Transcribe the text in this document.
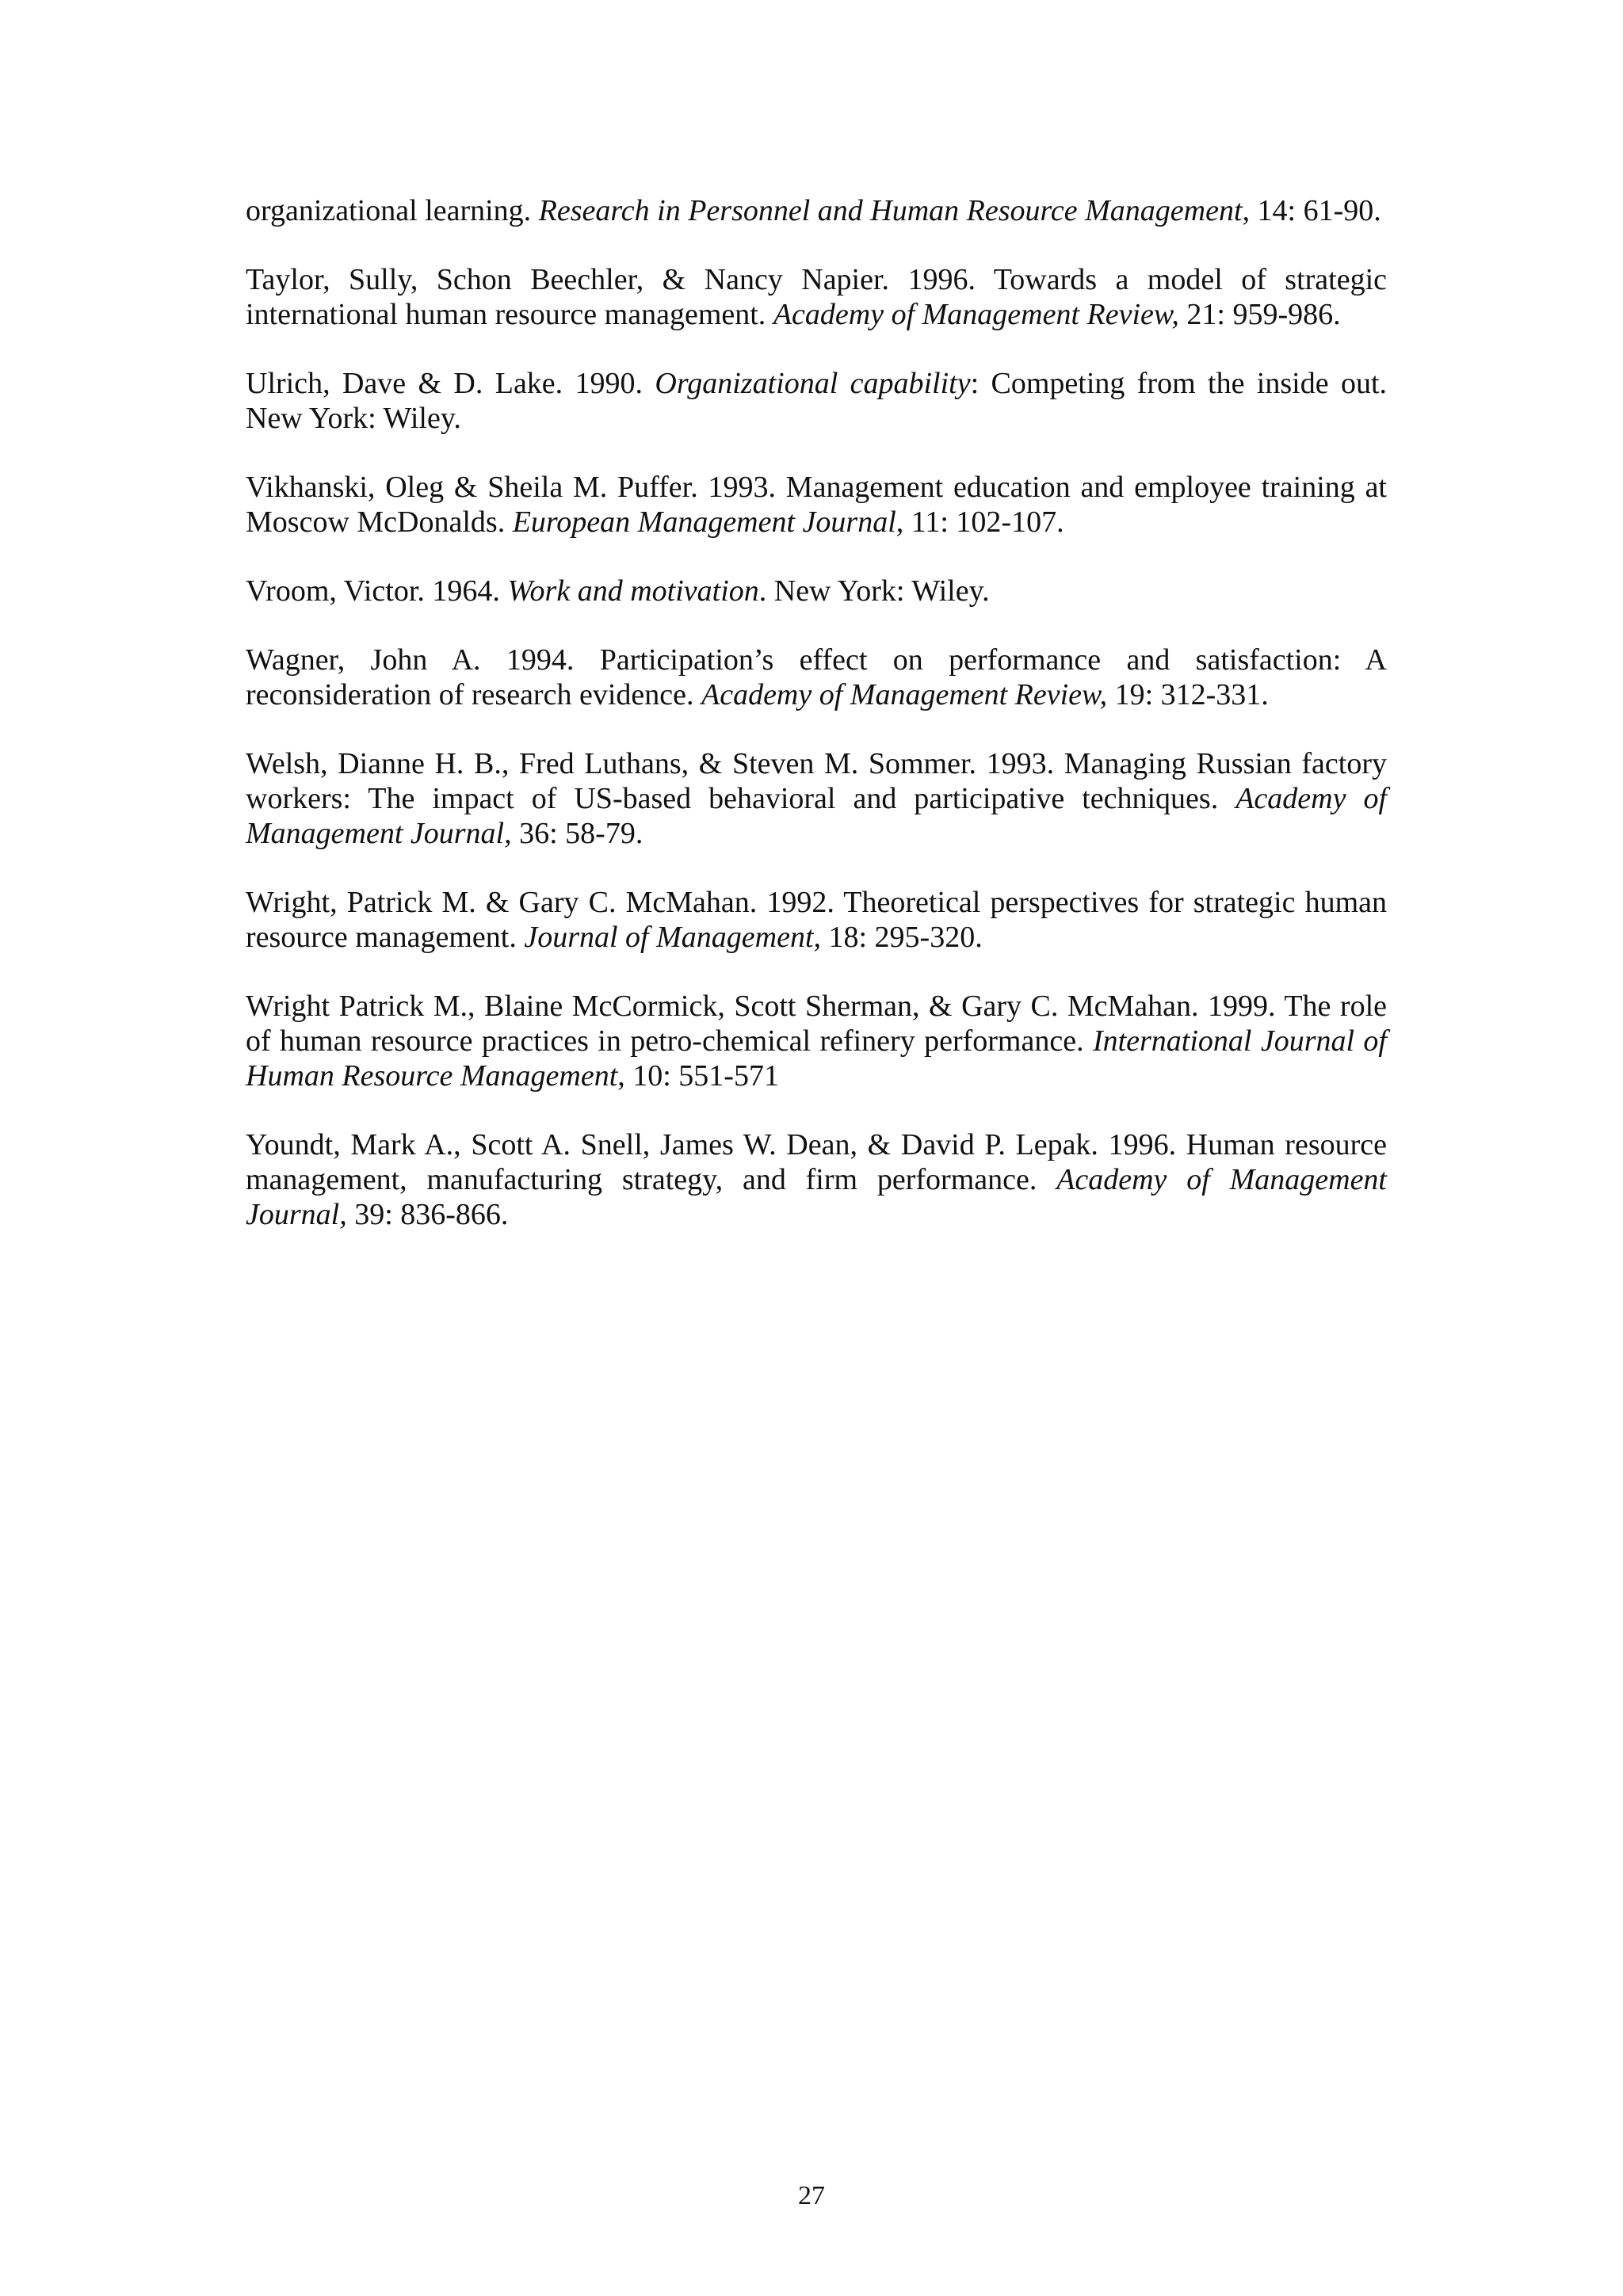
organizational learning. Research in Personnel and Human Resource Management, 14: 61-90.

Taylor, Sully, Schon Beechler, & Nancy Napier. 1996. Towards a model of strategic international human resource management. Academy of Management Review, 21: 959-986.

Ulrich, Dave & D. Lake. 1990. Organizational capability: Competing from the inside out. New York: Wiley.

Vikhanski, Oleg & Sheila M. Puffer. 1993. Management education and employee training at Moscow McDonalds. European Management Journal, 11: 102-107.

Vroom, Victor. 1964. Work and motivation. New York: Wiley.

Wagner, John A. 1994. Participation’s effect on performance and satisfaction: A reconsideration of research evidence. Academy of Management Review, 19: 312-331.

Welsh, Dianne H. B., Fred Luthans, & Steven M. Sommer. 1993. Managing Russian factory workers: The impact of US-based behavioral and participative techniques. Academy of Management Journal, 36: 58-79.

Wright, Patrick M. & Gary C. McMahan. 1992. Theoretical perspectives for strategic human resource management. Journal of Management, 18: 295-320.

Wright Patrick M., Blaine McCormick, Scott Sherman, & Gary C. McMahan. 1999. The role of human resource practices in petro-chemical refinery performance. International Journal of Human Resource Management, 10: 551-571

Youndt, Mark A., Scott A. Snell, James W. Dean, & David P. Lepak. 1996. Human resource management, manufacturing strategy, and firm performance. Academy of Management Journal, 39: 836-866.

27
